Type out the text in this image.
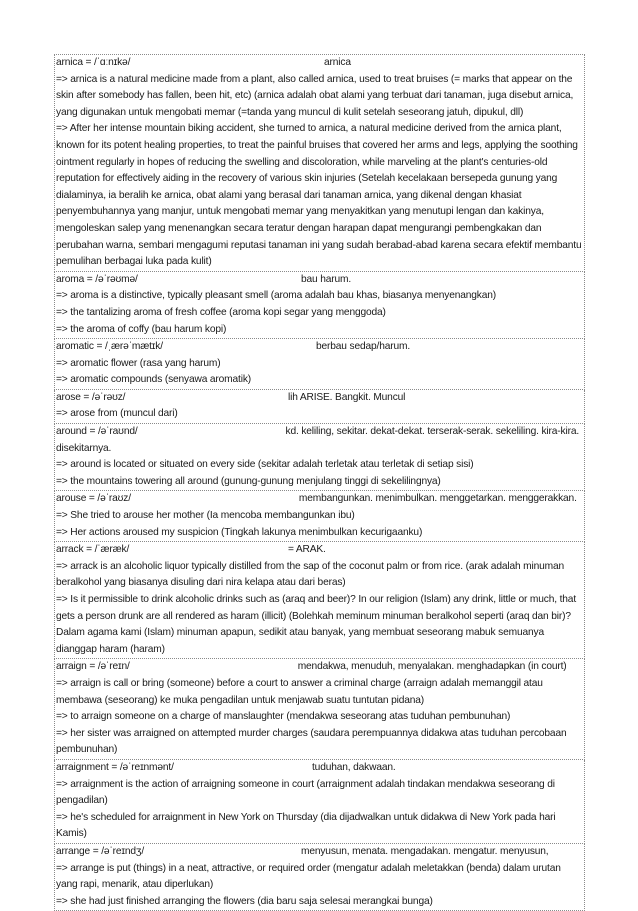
arnica = /ˈɑːnɪkə/	arnica

=> arnica is a natural medicine made from a plant, also called arnica, used to treat bruises (= marks that appear on the skin after somebody has fallen, been hit, etc) (arnica adalah obat alami yang terbuat dari tanaman, juga disebut arnica, yang digunakan untuk mengobati memar (=tanda yang muncul di kulit setelah seseorang jatuh, dipukul, dll)

=> After her intense mountain biking accident, she turned to arnica, a natural medicine derived from the arnica plant, known for its potent healing properties, to treat the painful bruises that covered her arms and legs, applying the soothing ointment regularly in hopes of reducing the swelling and discoloration, while marveling at the plant's centuries-old reputation for effectively aiding in the recovery of various skin injuries (Setelah kecelakaan bersepeda gunung yang dialaminya, ia beralih ke arnica, obat alami yang berasal dari tanaman arnica, yang dikenal dengan khasiat penyembuhannya yang manjur, untuk mengobati memar yang menyakitkan yang menutupi lengan dan kakinya, mengoleskan salep yang menenangkan secara teratur dengan harapan dapat mengurangi pembengkakan dan perubahan warna, sembari mengagumi reputasi tanaman ini yang sudah berabad-abad karena secara efektif membantu pemulihan berbagai luka pada kulit)

aroma = /əˈrəʊmə/	bau harum.

=> aroma is a distinctive, typically pleasant smell (aroma adalah bau khas, biasanya menyenangkan)

=> the tantalizing aroma of fresh coffee (aroma kopi segar yang menggoda)

=> the aroma of coffy (bau harum kopi)

aromatic = /ˌærəˈmætɪk/	berbau sedap/harum.

=> aromatic flower (rasa yang harum)

=> aromatic compounds (senyawa aromatik)

arose = /əˈrəʊz/	lih ARISE. Bangkit. Muncul

=> arose from (muncul dari)

around = /əˈraʊnd/	kd. keliling, sekitar. dekat-dekat. terserak-serak. sekeliling. kira-kira. disekitarnya.

=> around is located or situated on every side (sekitar adalah terletak atau terletak di setiap sisi)

=> the mountains towering all around (gunung-gunung menjulang tinggi di sekelilingnya)

arouse = /əˈraʊz/	membangunkan. menimbulkan. menggetarkan. menggerakkan.

=> She tried to arouse her mother (Ia mencoba membangunkan ibu)

=> Her actions aroused my suspicion (Tingkah lakunya menimbulkan kecurigaanku)

arrack = /ˈæræk/	= ARAK.

=> arrack is an alcoholic liquor typically distilled from the sap of the coconut palm or from rice. (arak adalah minuman beralkohol yang biasanya disuling dari nira kelapa atau dari beras)

=> Is it permissible to drink alcoholic drinks such as (araq and beer)? In our religion (Islam) any drink, little or much, that gets a person drunk are all rendered as haram (illicit) (Bolehkah meminum minuman beralkohol seperti (araq dan bir)? Dalam agama kami (Islam) minuman apapun, sedikit atau banyak, yang membuat seseorang mabuk semuanya dianggap haram (haram)

arraign = /əˈreɪn/	mendakwa, menuduh, menyalakan. menghadapkan (in court)

=> arraign is call or bring (someone) before a court to answer a criminal charge (arraign adalah memanggil atau membawa (seseorang) ke muka pengadilan untuk menjawab suatu tuntutan pidana)

=> to arraign someone on a charge of manslaughter (mendakwa seseorang atas tuduhan pembunuhan)

=> her sister was arraigned on attempted murder charges (saudara perempuannya didakwa atas tuduhan percobaan pembunuhan)

arraignment = /əˈreɪnmənt/	tuduhan, dakwaan.

=> arraignment is the action of arraigning someone in court (arraignment adalah tindakan mendakwa seseorang di pengadilan)

=> he's scheduled for arraignment in New York on Thursday (dia dijadwalkan untuk didakwa di New York pada hari Kamis)

arrange = /əˈreɪndʒ/	menyusun, menata. mengadakan. mengatur. menyusun,

=> arrange is put (things) in a neat, attractive, or required order (mengatur adalah meletakkan (benda) dalam urutan yang rapi, menarik, atau diperlukan)

=> she had just finished arranging the flowers (dia baru saja selesai merangkai bunga)
